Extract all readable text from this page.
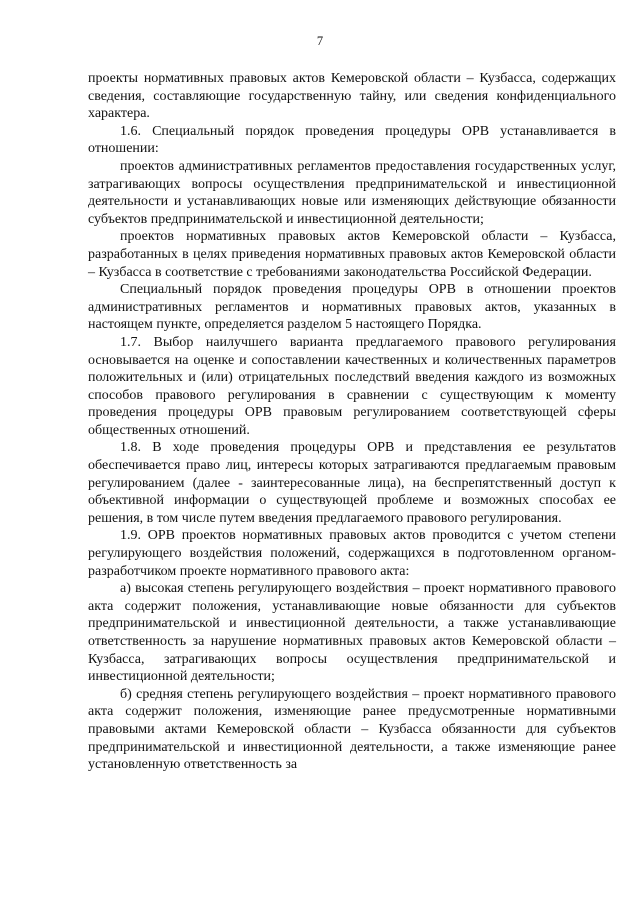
7

проекты нормативных правовых актов Кемеровской области – Кузбасса, содержащих сведения, составляющие государственную тайну, или сведения конфиденциального характера.

1.6. Специальный порядок проведения процедуры ОРВ устанавливается в отношении:

проектов административных регламентов предоставления государственных услуг, затрагивающих вопросы осуществления предпринимательской и инвестиционной деятельности и устанавливающих новые или изменяющих действующие обязанности субъектов предпринимательской и инвестиционной деятельности;

проектов нормативных правовых актов Кемеровской области – Кузбасса, разработанных в целях приведения нормативных правовых актов Кемеровской области – Кузбасса в соответствие с требованиями законодательства Российской Федерации.

Специальный порядок проведения процедуры ОРВ в отношении проектов административных регламентов и нормативных правовых актов, указанных в настоящем пункте, определяется разделом 5 настоящего Порядка.

1.7. Выбор наилучшего варианта предлагаемого правового регулирования основывается на оценке и сопоставлении качественных и количественных параметров положительных и (или) отрицательных последствий введения каждого из возможных способов правового регулирования в сравнении с существующим к моменту проведения процедуры ОРВ правовым регулированием соответствующей сферы общественных отношений.

1.8. В ходе проведения процедуры ОРВ и представления ее результатов обеспечивается право лиц, интересы которых затрагиваются предлагаемым правовым регулированием (далее - заинтересованные лица), на беспрепятственный доступ к объективной информации о существующей проблеме и возможных способах ее решения, в том числе путем введения предлагаемого правового регулирования.

1.9. ОРВ проектов нормативных правовых актов проводится с учетом степени регулирующего воздействия положений, содержащихся в подготовленном органом-разработчиком проекте нормативного правового акта:

а) высокая степень регулирующего воздействия – проект нормативного правового акта содержит положения, устанавливающие новые обязанности для субъектов предпринимательской и инвестиционной деятельности, а также устанавливающие ответственность за нарушение нормативных правовых актов Кемеровской области – Кузбасса, затрагивающих вопросы осуществления предпринимательской и инвестиционной деятельности;

б) средняя степень регулирующего воздействия – проект нормативного правового акта содержит положения, изменяющие ранее предусмотренные нормативными правовыми актами Кемеровской области – Кузбасса обязанности для субъектов предпринимательской и инвестиционной деятельности, а также изменяющие ранее установленную ответственность за
